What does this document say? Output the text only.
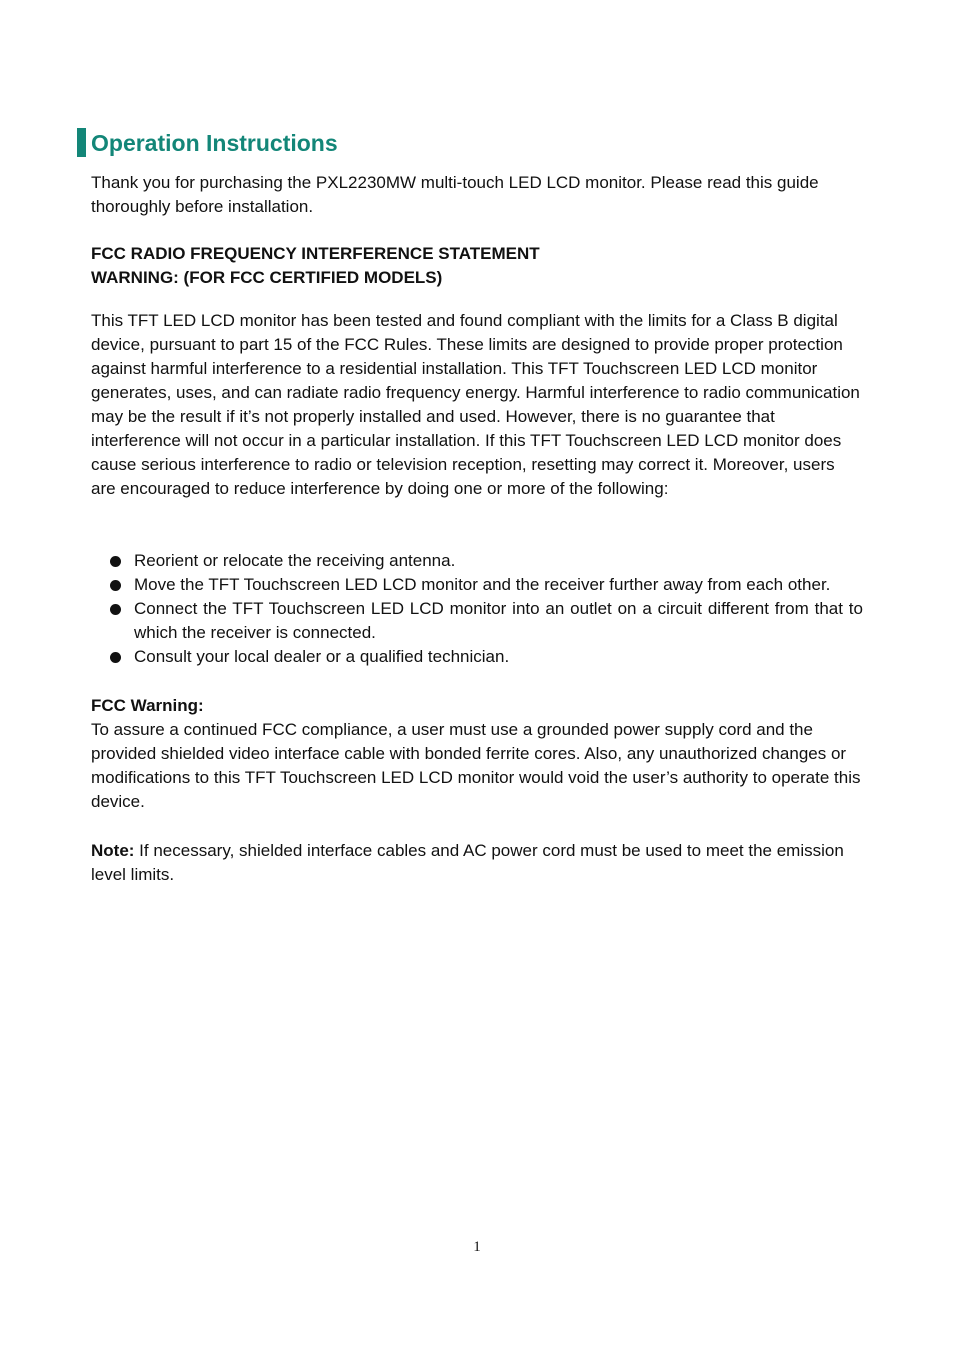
Operation Instructions

Thank you for purchasing the PXL2230MW multi-touch LED LCD monitor. Please read this guide thoroughly before installation.

FCC RADIO FREQUENCY INTERFERENCE STATEMENT
WARNING: (FOR FCC CERTIFIED MODELS)

This TFT LED LCD monitor has been tested and found compliant with the limits for a Class B digital device, pursuant to part 15 of the FCC Rules. These limits are designed to provide proper protection against harmful interference to a residential installation. This TFT Touchscreen LED LCD monitor generates, uses, and can radiate radio frequency energy. Harmful interference to radio communication may be the result if it’s not properly installed and used. However, there is no guarantee that interference will not occur in a particular installation. If this TFT Touchscreen LED LCD monitor does cause serious interference to radio or television reception, resetting may correct it. Moreover, users are encouraged to reduce interference by doing one or more of the following:

Reorient or relocate the receiving antenna.
Move the TFT Touchscreen LED LCD monitor and the receiver further away from each other.
Connect the TFT Touchscreen LED LCD monitor into an outlet on a circuit different from that to which the receiver is connected.
Consult your local dealer or a qualified technician.
FCC Warning:

To assure a continued FCC compliance, a user must use a grounded power supply cord and the provided shielded video interface cable with bonded ferrite cores. Also, any unauthorized changes or modifications to this TFT Touchscreen LED LCD monitor would void the user’s authority to operate this device.

Note: If necessary, shielded interface cables and AC power cord must be used to meet the emission level limits.

1
